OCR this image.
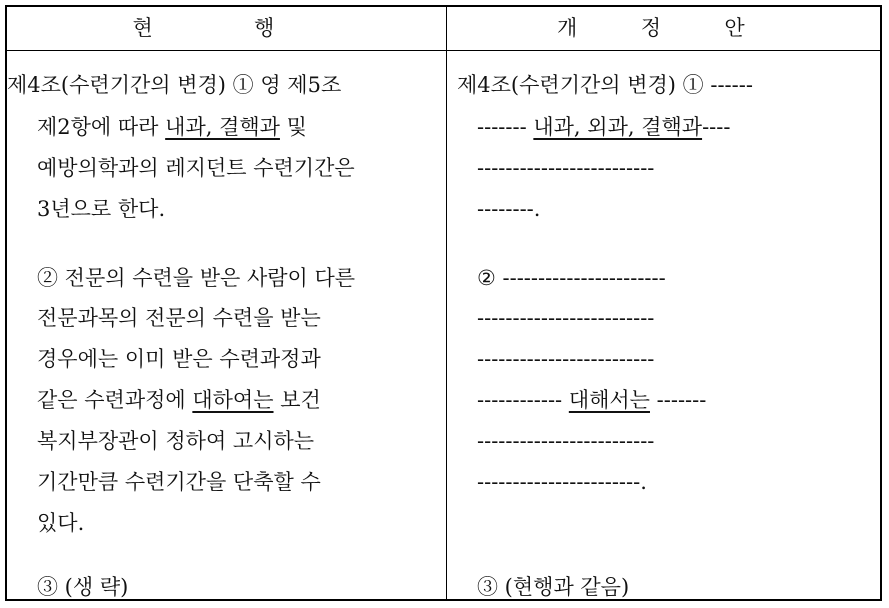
현 행	개 정 안
제4조(수련기간의 변경) ① 영 제5조
제2항에 따라 내과, 결핵과 및
예방의학과의 레지던트 수련기간은
3년으로 한다.
② 전문의 수련을 받은 사람이 다른
전문과목의 전문의 수련을 받는
경우에는 이미 받은 수련과정과
같은 수련과정에 대하여는 보건
복지부장관이 정하여 고시하는
기간만큼 수련기간을 단축할 수
있다.
③ (생 략)
제4조(수련기간의 변경) ① ------
------- 내과, 외과, 결핵과----
-------------------------
--------.
② -----------------------
-------------------------
-------------------------
------------ 대해서는 -------
-------------------------
-----------------------.
③ (현행과 같음)
